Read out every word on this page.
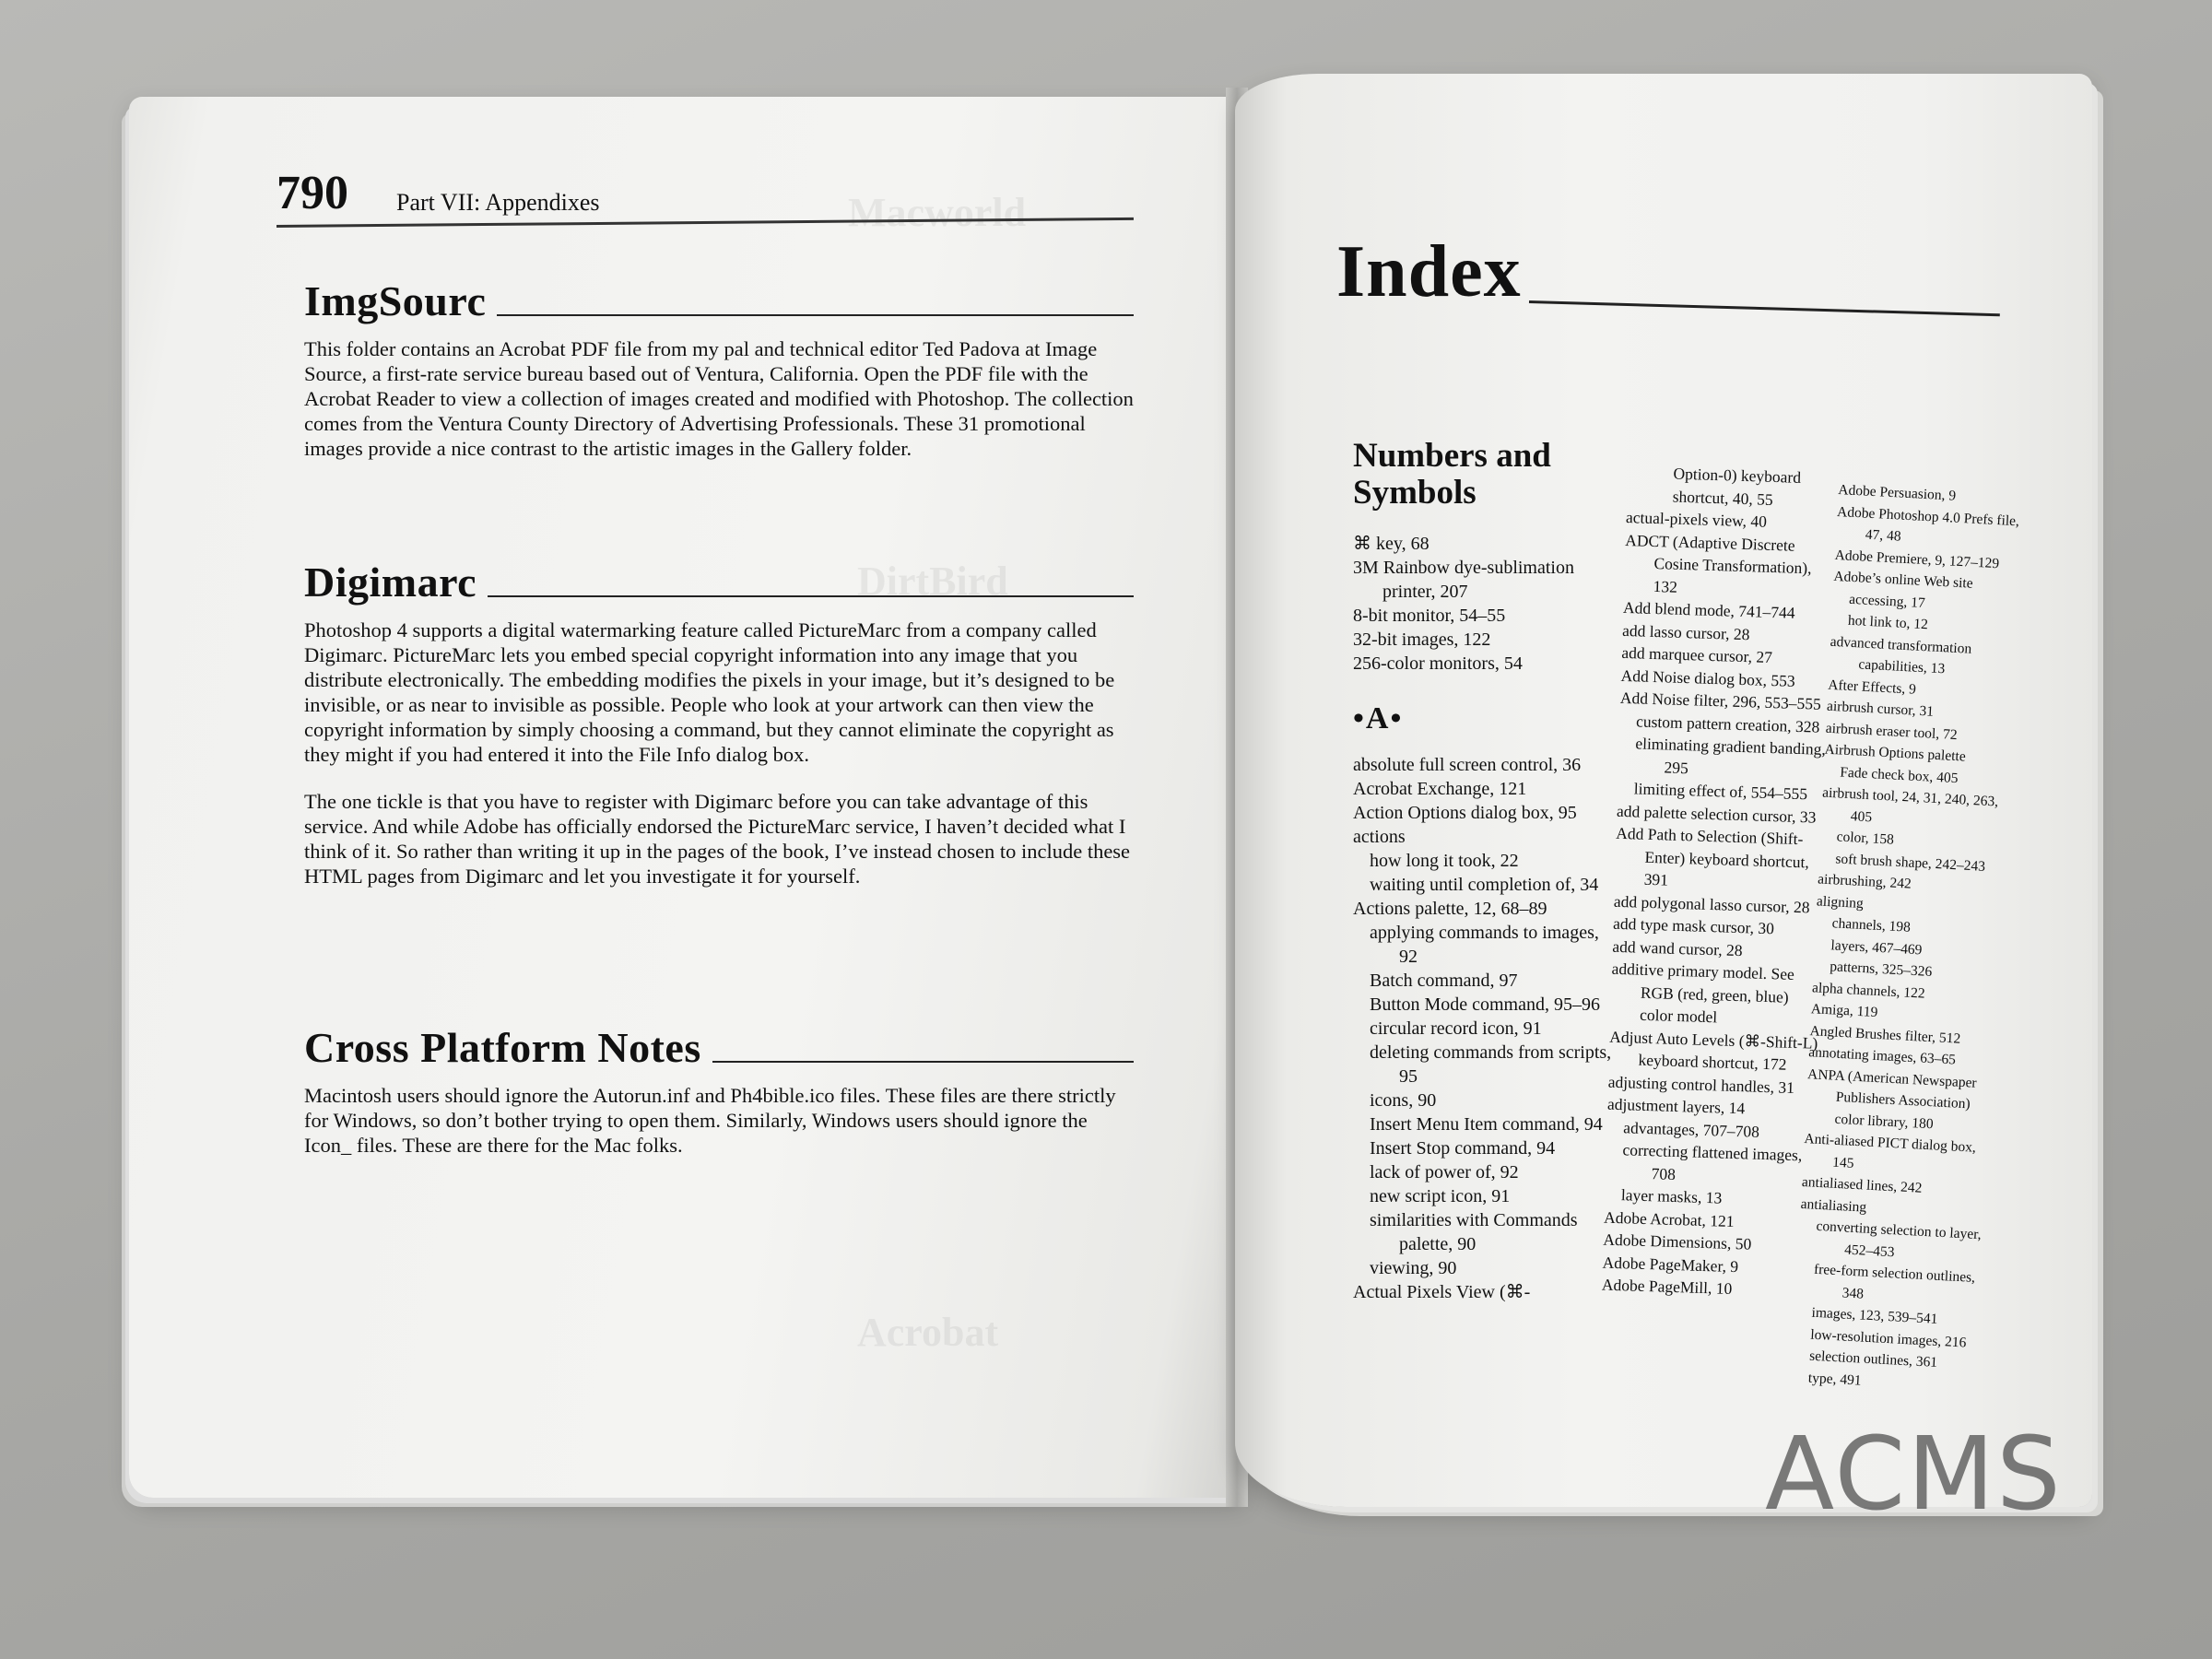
Macworld
DirtBird
Acrobat
790 Part VII: Appendixes
ImgSourc

This folder contains an Acrobat PDF file from my pal and technical editor Ted Padova at Image Source, a first-rate service bureau based out of Ventura, California. Open the PDF file with the Acrobat Reader to view a collection of images created and modified with Photoshop. The collection comes from the Ventura County Directory of Advertising Professionals. These 31 promotional images provide a nice contrast to the artistic images in the Gallery folder.

Digimarc

Photoshop 4 supports a digital watermarking feature called PictureMarc from a company called Digimarc. PictureMarc lets you embed special copyright information into any image that you distribute electronically. The embedding modifies the pixels in your image, but it’s designed to be invisible, or as near to invisible as possible. People who look at your artwork can then view the copyright information by simply choosing a command, but they cannot eliminate the copyright as they might if you had entered it into the File Info dialog box.

The one tickle is that you have to register with Digimarc before you can take advantage of this service. And while Adobe has officially endorsed the PictureMarc service, I haven’t decided what I think of it. So rather than writing it up in the pages of the book, I’ve instead chosen to include these HTML pages from Digimarc and let you investigate it for yourself.

Cross Platform Notes

Macintosh users should ignore the Autorun.inf and Ph4bible.ico files. These files are there strictly for Windows, so don’t bother trying to open them. Similarly, Windows users should ignore the Icon_ files. These are there for the Mac folks.

Index
Numbers and Symbols
⌘ key, 68
3M Rainbow dye-sublimation printer, 207
8-bit monitor, 54–55
32-bit images, 122
256-color monitors, 54
•A•
absolute full screen control, 36
Acrobat Exchange, 121
Action Options dialog box, 95
actions
how long it took, 22
waiting until completion of, 34
Actions palette, 12, 68–89
applying commands to images, 92
Batch command, 97
Button Mode command, 95–96
circular record icon, 91
deleting commands from scripts, 95
icons, 90
Insert Menu Item command, 94
Insert Stop command, 94
lack of power of, 92
new script icon, 91
similarities with Commands palette, 90
viewing, 90
Actual Pixels View (⌘-
Option-0) keyboard shortcut, 40, 55
actual-pixels view, 40
ADCT (Adaptive Discrete Cosine Transformation), 132
Add blend mode, 741–744
add lasso cursor, 28
add marquee cursor, 27
Add Noise dialog box, 553
Add Noise filter, 296, 553–555
custom pattern creation, 328
eliminating gradient banding, 295
limiting effect of, 554–555
add palette selection cursor, 33
Add Path to Selection (Shift-Enter) keyboard shortcut, 391
add polygonal lasso cursor, 28
add type mask cursor, 30
add wand cursor, 28
additive primary model. See RGB (red, green, blue) color model
Adjust Auto Levels (⌘-Shift-L) keyboard shortcut, 172
adjusting control handles, 31
adjustment layers, 14
advantages, 707–708
correcting flattened images, 708
layer masks, 13
Adobe Acrobat, 121
Adobe Dimensions, 50
Adobe PageMaker, 9
Adobe PageMill, 10
Adobe Persuasion, 9
Adobe Photoshop 4.0 Prefs file, 47, 48
Adobe Premiere, 9, 127–129
Adobe’s online Web site
accessing, 17
hot link to, 12
advanced transformation capabilities, 13
After Effects, 9
airbrush cursor, 31
airbrush eraser tool, 72
Airbrush Options palette
Fade check box, 405
airbrush tool, 24, 31, 240, 263, 405
color, 158
soft brush shape, 242–243
airbrushing, 242
aligning
channels, 198
layers, 467–469
patterns, 325–326
alpha channels, 122
Amiga, 119
Angled Brushes filter, 512
annotating images, 63–65
ANPA (American Newspaper Publishers Association) color library, 180
Anti-aliased PICT dialog box, 145
antialiased lines, 242
antialiasing
converting selection to layer, 452–453
free-form selection outlines, 348
images, 123, 539–541
low-resolution images, 216
selection outlines, 361
type, 491
ACMS
